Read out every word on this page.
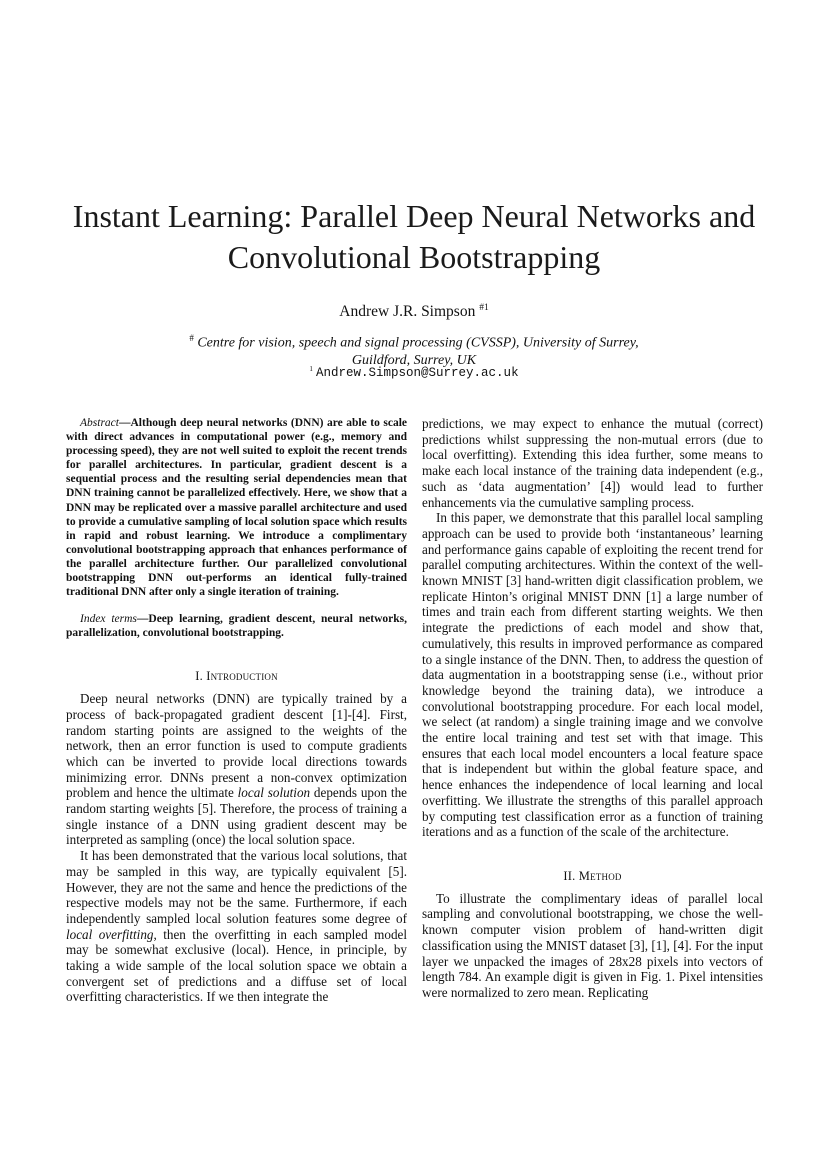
Instant Learning: Parallel Deep Neural Networks and
Convolutional Bootstrapping
Andrew J.R. Simpson $^{\#1}$
# Centre for vision, speech and signal processing (CVSSP), University of Surrey,
Guildford, Surrey, UK
$^1$ Andrew.Simpson@Surrey.ac.uk

Abstract—Although deep neural networks (DNN) are able to scale with direct advances in computational power (e.g., memory and processing speed), they are not well suited to exploit the recent trends for parallel architectures. In particular, gradient descent is a sequential process and the resulting serial dependencies mean that DNN training cannot be parallelized effectively. Here, we show that a DNN may be replicated over a massive parallel architecture and used to provide a cumulative sampling of local solution space which results in rapid and robust learning. We introduce a complimentary convolutional bootstrapping approach that enhances performance of the parallel architecture further. Our parallelized convolutional bootstrapping DNN out-performs an identical fully-trained traditional DNN after only a single iteration of training.

Index terms—Deep learning, gradient descent, neural networks, parallelization, convolutional bootstrapping.

I. Introduction

Deep neural networks (DNN) are typically trained by a process of back-propagated gradient descent [1]-[4]. First, random starting points are assigned to the weights of the network, then an error function is used to compute gradients which can be inverted to provide local directions towards minimizing error. DNNs present a non-convex optimization problem and hence the ultimate local solution depends upon the random starting weights [5]. Therefore, the process of training a single instance of a DNN using gradient descent may be interpreted as sampling (once) the local solution space.

It has been demonstrated that the various local solutions, that may be sampled in this way, are typically equivalent [5]. However, they are not the same and hence the predictions of the respective models may not be the same. Furthermore, if each independently sampled local solution features some degree of local overfitting, then the overfitting in each sampled model may be somewhat exclusive (local). Hence, in principle, by taking a wide sample of the local solution space we obtain a convergent set of predictions and a diffuse set of local overfitting characteristics. If we then integrate the

predictions, we may expect to enhance the mutual (correct) predictions whilst suppressing the non-mutual errors (due to local overfitting). Extending this idea further, some means to make each local instance of the training data independent (e.g., such as ‘data augmentation’ [4]) would lead to further enhancements via the cumulative sampling process.

In this paper, we demonstrate that this parallel local sampling approach can be used to provide both ‘instantaneous’ learning and performance gains capable of exploiting the recent trend for parallel computing architectures. Within the context of the well-known MNIST [3] hand-written digit classification problem, we replicate Hinton’s original MNIST DNN [1] a large number of times and train each from different starting weights. We then integrate the predictions of each model and show that, cumulatively, this results in improved performance as compared to a single instance of the DNN. Then, to address the question of data augmentation in a bootstrapping sense (i.e., without prior knowledge beyond the training data), we introduce a convolutional bootstrapping procedure. For each local model, we select (at random) a single training image and we convolve the entire local training and test set with that image. This ensures that each local model encounters a local feature space that is independent but within the global feature space, and hence enhances the independence of local learning and local overfitting. We illustrate the strengths of this parallel approach by computing test classification error as a function of training iterations and as a function of the scale of the architecture.

II. Method

To illustrate the complimentary ideas of parallel local sampling and convolutional bootstrapping, we chose the well-known computer vision problem of hand-written digit classification using the MNIST dataset [3], [1], [4]. For the input layer we unpacked the images of 28x28 pixels into vectors of length 784. An example digit is given in Fig. 1. Pixel intensities were normalized to zero mean. Replicating
